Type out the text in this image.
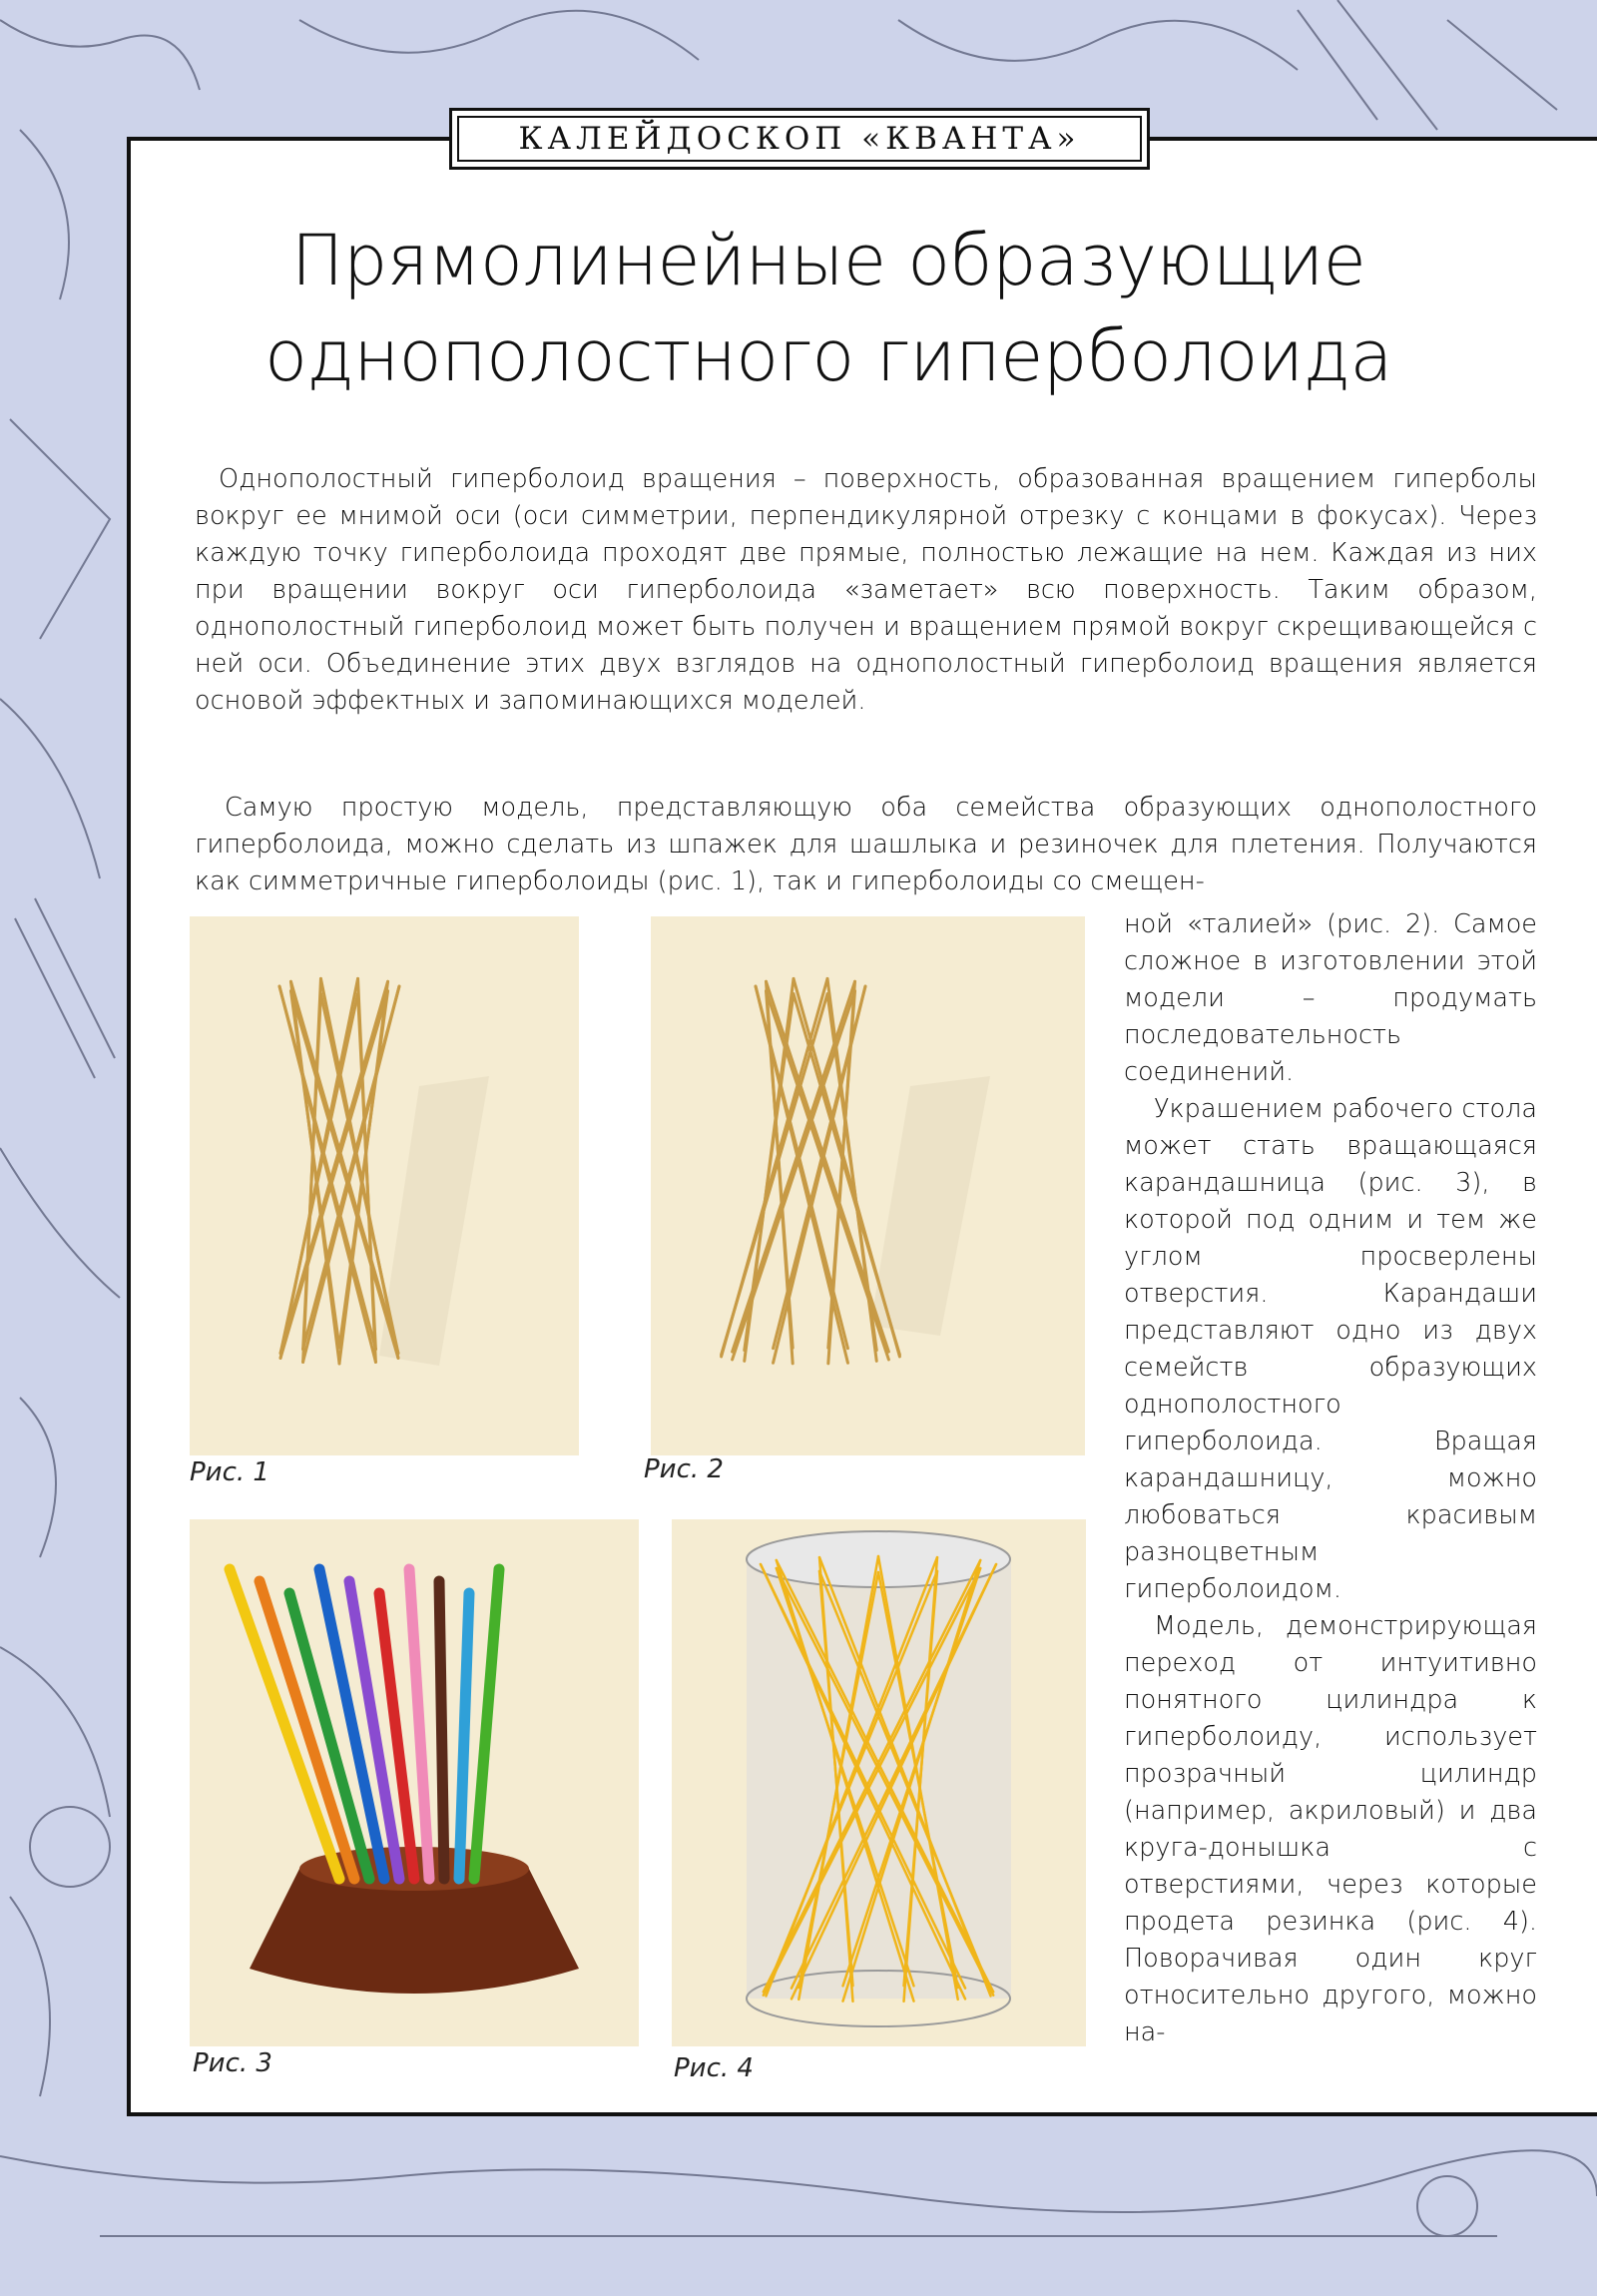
КАЛЕЙДОСКОП «КВАНТА»
Прямолинейные образующие однополостного гиперболоида

Однополостный гиперболоид вращения – поверхность, образованная вращением гиперболы вокруг ее мнимой оси (оси симметрии, перпендикулярной отрезку с концами в фокусах). Через каждую точку гиперболоида проходят две прямые, полностью лежащие на нем. Каждая из них при вращении вокруг оси гиперболоида «заметает» всю поверхность. Таким образом, однополостный гиперболоид может быть получен и вращением прямой вокруг скрещивающейся с ней оси. Объединение этих двух взглядов на однополостный гиперболоид вращения является основой эффектных и запоминающихся моделей.

Самую простую модель, представляющую оба семейства образующих однополостного гиперболоида, можно сделать из шпажек для шашлыка и резиночек для плетения. Получаются как симметричные гиперболоиды (рис. 1), так и гиперболоиды со смещен-

ной «талией» (рис. 2). Самое сложное в изготовлении этой модели – продумать последовательность соединений.

Украшением рабочего стола может стать вращающаяся карандашница (рис. 3), в которой под одним и тем же углом просверлены отверстия. Карандаши представляют одно из двух семейств образующих однополостного гиперболоида. Вращая карандашницу, можно любоваться красивым разноцветным гиперболоидом.

Модель, демонстрирующая переход от интуитивно понятного цилиндра к гиперболоиду, использует прозрачный цилиндр (например, акриловый) и два круга-донышка с отверстиями, через которые продета резинка (рис. 4). Поворачивая один круг относительно другого, можно на-

Рис. 1	Рис. 2
Рис. 3	Рис. 4
